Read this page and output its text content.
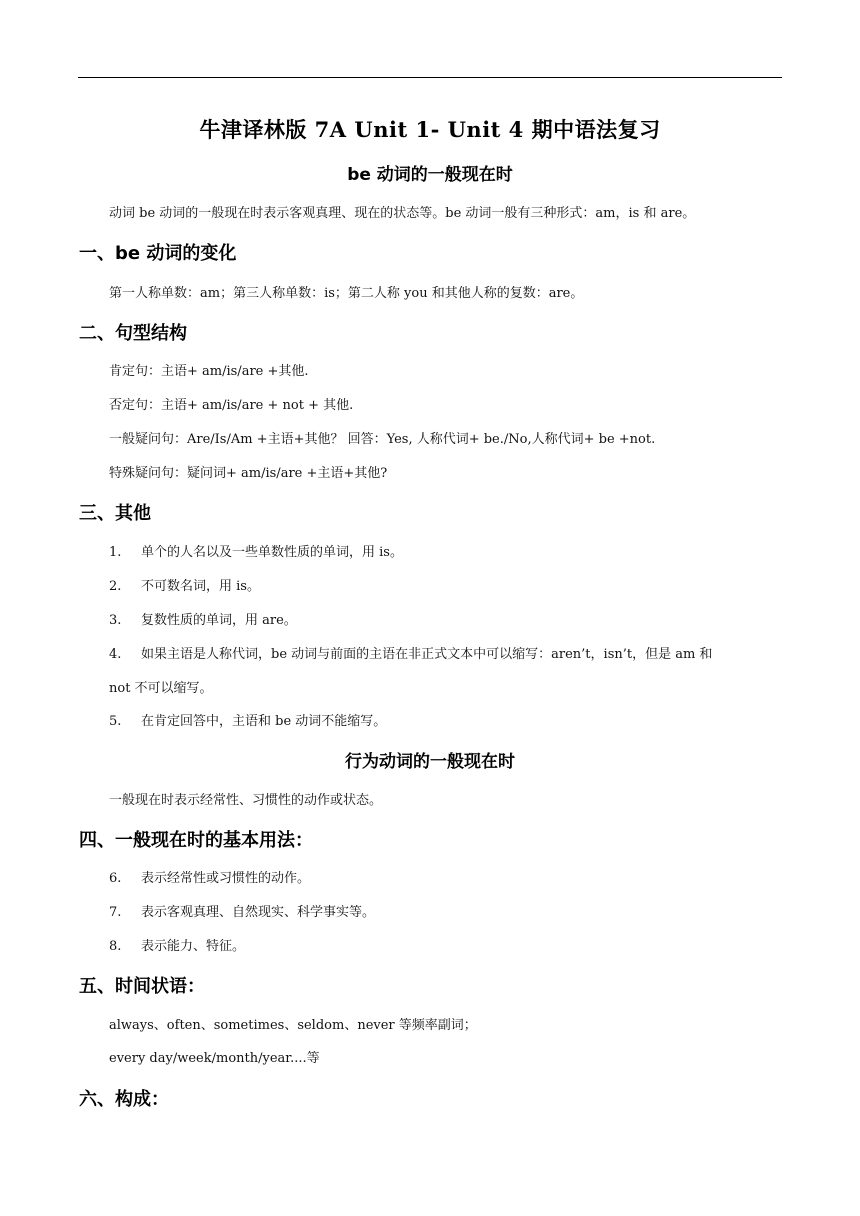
牛津译林版 7A Unit 1- Unit 4 期中语法复习
be 动词的一般现在时
动词 be 动词的一般现在时表示客观真理、现在的状态等。be 动词一般有三种形式：am，is 和 are。
一、be 动词的变化
第一人称单数：am；第三人称单数：is；第二人称 you 和其他人称的复数：are。
二、句型结构
肯定句：主语+ am/is/are +其他.
否定句：主语+ am/is/are + not + 其他.
一般疑问句：Are/Is/Am +主语+其他？ 回答：Yes, 人称代词+ be./No,人称代词+ be +not.
特殊疑问句：疑问词+ am/is/are +主语+其他?
三、其他
1. 单个的人名以及一些单数性质的单词，用 is。
2. 不可数名词，用 is。
3. 复数性质的单词，用 are。
4. 如果主语是人称代词，be 动词与前面的主语在非正式文本中可以缩写：aren’t，isn’t，但是 am 和
not 不可以缩写。
5. 在肯定回答中，主语和 be 动词不能缩写。
行为动词的一般现在时
一般现在时表示经常性、习惯性的动作或状态。
四、一般现在时的基本用法：
6. 表示经常性或习惯性的动作。
7. 表示客观真理、自然现实、科学事实等。
8. 表示能力、特征。
五、时间状语：
always、often、sometimes、seldom、never 等频率副词；
every day/week/month/year....等
六、构成：
